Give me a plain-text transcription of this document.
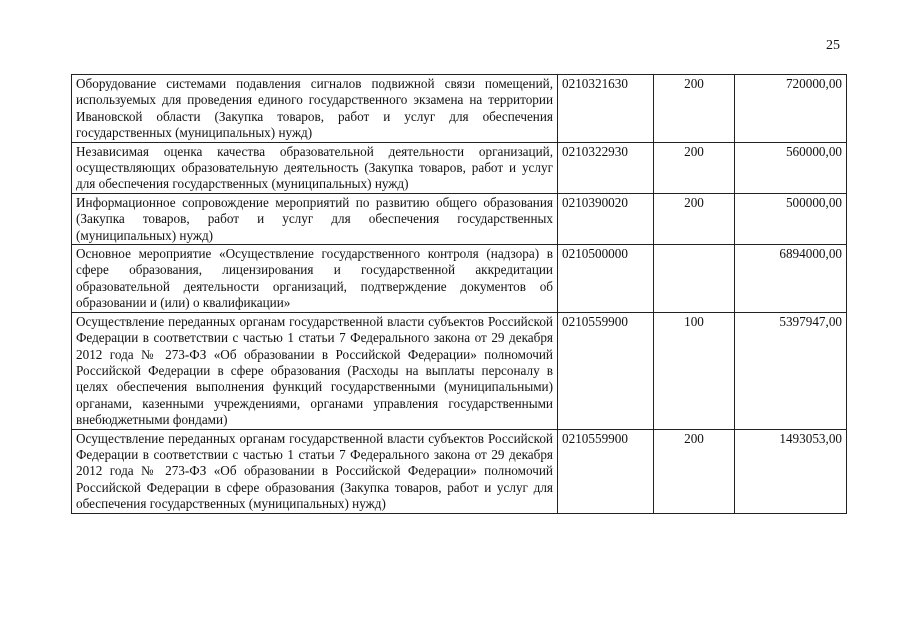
25
Оборудование системами подавления сигналов подвижной связи помещений, используемых для проведения единого государственного экзамена на территории Ивановской области (Закупка товаров, работ и услуг для обеспечения государственных (муниципальных) нужд)	0210321630	200	720000,00
Независимая оценка качества образовательной деятельности организаций, осуществляющих образовательную деятельность (Закупка товаров, работ и услуг для обеспечения государственных (муниципальных) нужд)	0210322930	200	560000,00
Информационное сопровождение мероприятий по развитию общего образования (Закупка товаров, работ и услуг для обеспечения государственных (муниципальных) нужд)	0210390020	200	500000,00
Основное мероприятие «Осуществление государственного контроля (надзора) в сфере образования, лицензирования и государственной аккредитации образовательной деятельности организаций, подтверждение документов об образовании и (или) о квалификации»	0210500000		6894000,00
Осуществление переданных органам государственной власти субъектов Российской Федерации в соответствии с частью 1 статьи 7 Федерального закона от 29 декабря 2012 года № 273-ФЗ «Об образовании в Российской Федерации» полномочий Российской Федерации в сфере образования (Расходы на выплаты персоналу в целях обеспечения выполнения функций государственными (муниципальными) органами, казенными учреждениями, органами управления государственными внебюджетными фондами)	0210559900	100	5397947,00
Осуществление переданных органам государственной власти субъектов Российской Федерации в соответствии с частью 1 статьи 7 Федерального закона от 29 декабря 2012 года № 273-ФЗ «Об образовании в Российской Федерации» полномочий Российской Федерации в сфере образования (Закупка товаров, работ и услуг для обеспечения государственных (муниципальных) нужд)	0210559900	200	1493053,00
